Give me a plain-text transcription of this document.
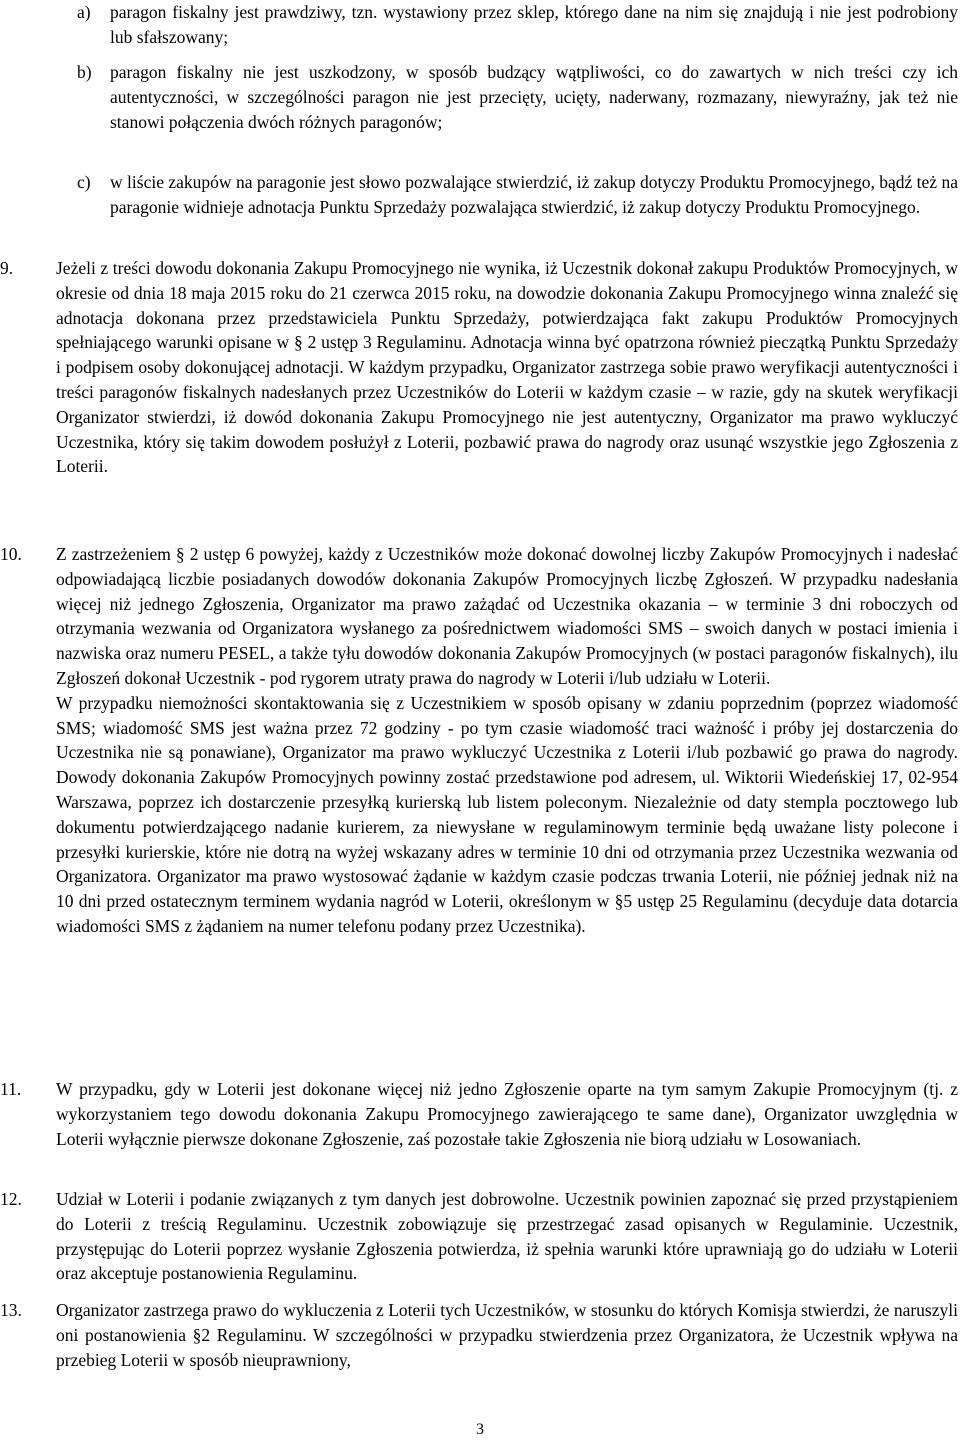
a) paragon fiskalny jest prawdziwy, tzn. wystawiony przez sklep, którego dane na nim się znajdują i nie jest podrobiony lub sfałszowany;
b) paragon fiskalny nie jest uszkodzony, w sposób budzący wątpliwości, co do zawartych w nich treści czy ich autentyczności, w szczególności paragon nie jest przecięty, ucięty, naderwany, rozmazany, niewyraźny, jak też nie stanowi połączenia dwóch różnych paragonów;
c) w liście zakupów na paragonie jest słowo pozwalające stwierdzić, iż zakup dotyczy Produktu Promocyjnego, bądź też na paragonie widnieje adnotacja Punktu Sprzedaży pozwalająca stwierdzić, iż zakup dotyczy Produktu Promocyjnego.
9. Jeżeli z treści dowodu dokonania Zakupu Promocyjnego nie wynika, iż Uczestnik dokonał zakupu Produktów Promocyjnych, w okresie od dnia 18 maja 2015 roku do 21 czerwca 2015 roku, na dowodzie dokonania Zakupu Promocyjnego winna znaleźć się adnotacja dokonana przez przedstawiciela Punktu Sprzedaży, potwierdzająca fakt zakupu Produktów Promocyjnych spełniającego warunki opisane w § 2 ustęp 3 Regulaminu. Adnotacja winna być opatrzona również pieczątką Punktu Sprzedaży i podpisem osoby dokonującej adnotacji. W każdym przypadku, Organizator zastrzega sobie prawo weryfikacji autentyczności i treści paragonów fiskalnych nadesłanych przez Uczestników do Loterii w każdym czasie – w razie, gdy na skutek weryfikacji Organizator stwierdzi, iż dowód dokonania Zakupu Promocyjnego nie jest autentyczny, Organizator ma prawo wykluczyć Uczestnika, który się takim dowodem posłużył z Loterii, pozbawić prawa do nagrody oraz usunąć wszystkie jego Zgłoszenia z Loterii.

10. Z zastrzeżeniem § 2 ustęp 6 powyżej, każdy z Uczestników może dokonać dowolnej liczby Zakupów Promocyjnych i nadesłać odpowiadającą liczbie posiadanych dowodów dokonania Zakupów Promocyjnych liczbę Zgłoszeń. W przypadku nadesłania więcej niż jednego Zgłoszenia, Organizator ma prawo zażądać od Uczestnika okazania – w terminie 3 dni roboczych od otrzymania wezwania od Organizatora wysłanego za pośrednictwem wiadomości SMS – swoich danych w postaci imienia i nazwiska oraz numeru PESEL, a także tyłu dowodów dokonania Zakupów Promocyjnych (w postaci paragonów fiskalnych), ilu Zgłoszeń dokonał Uczestnik - pod rygorem utraty prawa do nagrody w Loterii i/lub udziału w Loterii.

W przypadku niemożności skontaktowania się z Uczestnikiem w sposób opisany w zdaniu poprzednim (poprzez wiadomość SMS; wiadomość SMS jest ważna przez 72 godziny - po tym czasie wiadomość traci ważność i próby jej dostarczenia do Uczestnika nie są ponawiane), Organizator ma prawo wykluczyć Uczestnika z Loterii i/lub pozbawić go prawa do nagrody. Dowody dokonania Zakupów Promocyjnych powinny zostać przedstawione pod adresem, ul. Wiktorii Wiedeńskiej 17, 02-954 Warszawa, poprzez ich dostarczenie przesyłką kurierską lub listem poleconym. Niezależnie od daty stempla pocztowego lub dokumentu potwierdzającego nadanie kurierem, za niewysłane w regulaminowym terminie będą uważane listy polecone i przesyłki kurierskie, które nie dotrą na wyżej wskazany adres w terminie 10 dni od otrzymania przez Uczestnika wezwania od Organizatora. Organizator ma prawo wystosować żądanie w każdym czasie podczas trwania Loterii, nie później jednak niż na 10 dni przed ostatecznym terminem wydania nagród w Loterii, określonym w §5 ustęp 25 Regulaminu (decyduje data dotarcia wiadomości SMS z żądaniem na numer telefonu podany przez Uczestnika).

11. W przypadku, gdy w Loterii jest dokonane więcej niż jedno Zgłoszenie oparte na tym samym Zakupie Promocyjnym (tj. z wykorzystaniem tego dowodu dokonania Zakupu Promocyjnego zawierającego te same dane), Organizator uwzględnia w Loterii wyłącznie pierwsze dokonane Zgłoszenie, zaś pozostałe takie Zgłoszenia nie biorą udziału w Losowaniach.

12. Udział w Loterii i podanie związanych z tym danych jest dobrowolne. Uczestnik powinien zapoznać się przed przystąpieniem do Loterii z treścią Regulaminu. Uczestnik zobowiązuje się przestrzegać zasad opisanych w Regulaminie. Uczestnik, przystępując do Loterii poprzez wysłanie Zgłoszenia potwierdza, iż spełnia warunki które uprawniają go do udziału w Loterii oraz akceptuje postanowienia Regulaminu.

13. Organizator zastrzega prawo do wykluczenia z Loterii tych Uczestników, w stosunku do których Komisja stwierdzi, że naruszyli oni postanowienia §2 Regulaminu. W szczególności w przypadku stwierdzenia przez Organizatora, że Uczestnik wpływa na przebieg Loterii w sposób nieuprawniony,

3
